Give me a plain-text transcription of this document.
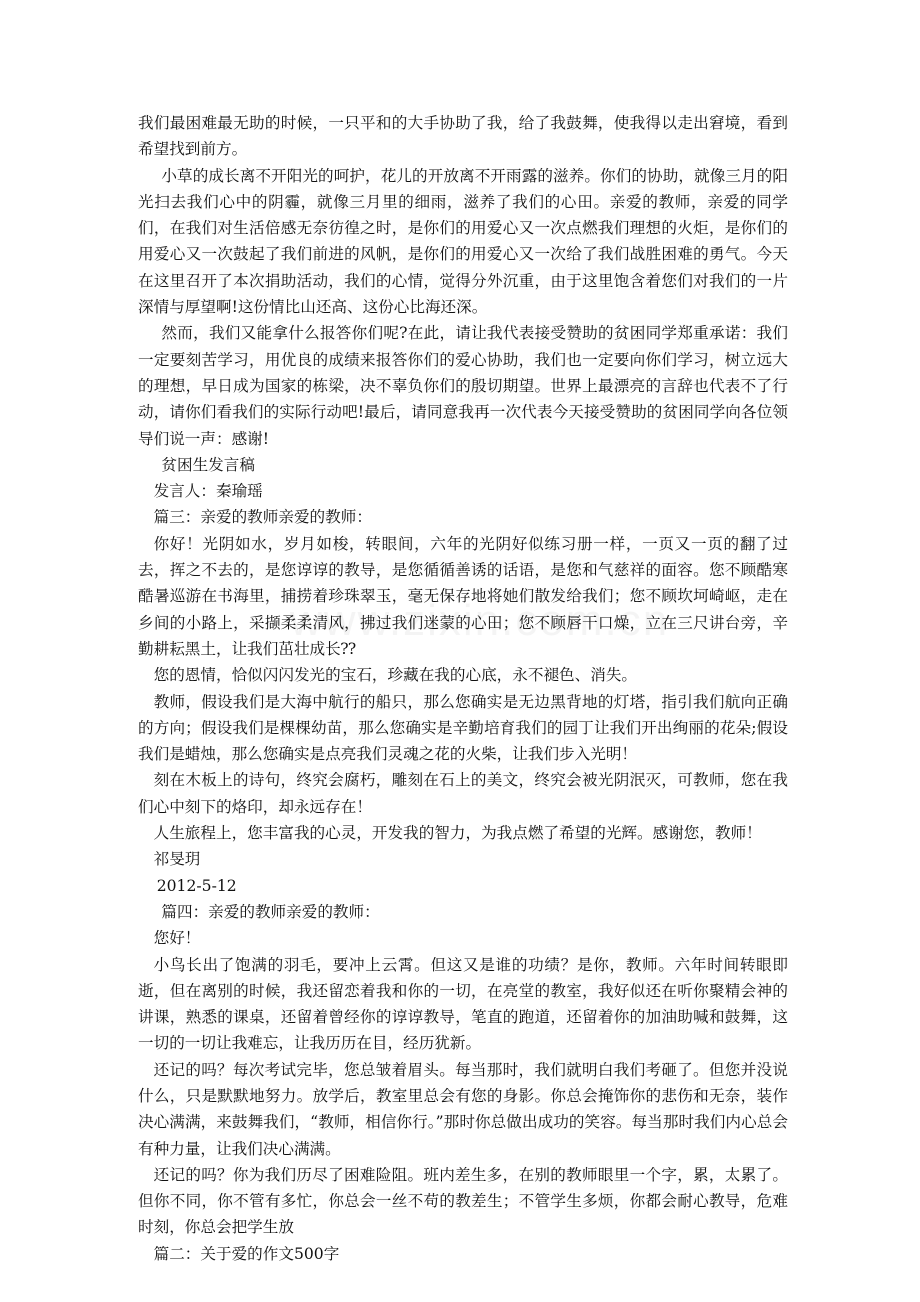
我们最困难最无助的时候，一只平和的大手协助了我，给了我鼓舞，使我得以走出窘境，看到希望找到前方。

小草的成长离不开阳光的呵护，花儿的开放离不开雨露的滋养。你们的协助，就像三月的阳光扫去我们心中的阴霾，就像三月里的细雨，滋养了我们的心田。亲爱的教师，亲爱的同学们，在我们对生活倍感无奈彷徨之时，是你们的用爱心又一次点燃我们理想的火炬，是你们的用爱心又一次鼓起了我们前进的风帆，是你们的用爱心又一次给了我们战胜困难的勇气。今天在这里召开了本次捐助活动，我们的心情，觉得分外沉重，由于这里饱含着您们对我们的一片深情与厚望啊!这份情比山还高、这份心比海还深。

然而，我们又能拿什么报答你们呢?在此，请让我代表接受赞助的贫困同学郑重承诺：我们一定要刻苦学习，用优良的成绩来报答你们的爱心协助，我们也一定要向你们学习，树立远大的理想，早日成为国家的栋梁，决不辜负你们的殷切期望。世界上最漂亮的言辞也代表不了行动，请你们看我们的实际行动吧!最后，请同意我再一次代表今天接受赞助的贫困同学向各位领导们说一声：感谢!

贫困生发言稿

发言人：秦瑜瑶

篇三：亲爱的教师亲爱的教师：

你好！光阴如水，岁月如梭，转眼间，六年的光阴好似练习册一样，一页又一页的翻了过去，挥之不去的，是您谆谆的教导，是您循循善诱的话语，是您和气慈祥的面容。您不顾酷寒酷暑巡游在书海里，捕捞着珍珠翠玉，毫无保存地将她们散发给我们；您不顾坎坷崎岖，走在乡间的小路上，采撷柔柔清风，拂过我们迷蒙的心田；您不顾唇干口燥，立在三尺讲台旁，辛勤耕耘黑土，让我们茁壮成长⁇

您的恩情，恰似闪闪发光的宝石，珍藏在我的心底，永不褪色、消失。

教师，假设我们是大海中航行的船只，那么您确实是无边黑背地的灯塔，指引我们航向正确的方向；假设我们是棵棵幼苗，那么您确实是辛勤培育我们的园丁让我们开出绚丽的花朵;假设我们是蜡烛，那么您确实是点亮我们灵魂之花的火柴，让我们步入光明！

刻在木板上的诗句，终究会腐朽，雕刻在石上的美文，终究会被光阴泯灭，可教师，您在我们心中刻下的烙印，却永远存在！

人生旅程上，您丰富我的心灵，开发我的智力，为我点燃了希望的光辉。感谢您，教师！

祁旻玥

2012-5-12

篇四：亲爱的教师亲爱的教师：

您好！

小鸟长出了饱满的羽毛，要冲上云霄。但这又是谁的功绩？是你，教师。六年时间转眼即逝，但在离别的时候，我还留恋着我和你的一切，在亮堂的教室，我好似还在听你聚精会神的讲课，熟悉的课桌，还留着曾经你的谆谆教导，笔直的跑道，还留着你的加油助喊和鼓舞，这一切的一切让我难忘，让我历历在目，经历犹新。

还记的吗？每次考试完毕，您总皱着眉头。每当那时，我们就明白我们考砸了。但您并没说什么，只是默默地努力。放学后，教室里总会有您的身影。你总会掩饰你的悲伤和无奈，装作决心满满，来鼓舞我们，“教师，相信你行。”那时你总做出成功的笑容。每当那时我们内心总会有种力量，让我们决心满满。

还记的吗？你为我们历尽了困难险阻。班内差生多，在别的教师眼里一个字，累，太累了。但你不同，你不管有多忙，你总会一丝不苟的教差生；不管学生多烦，你都会耐心教导，危难时刻，你总会把学生放

篇二：关于爱的作文500字
